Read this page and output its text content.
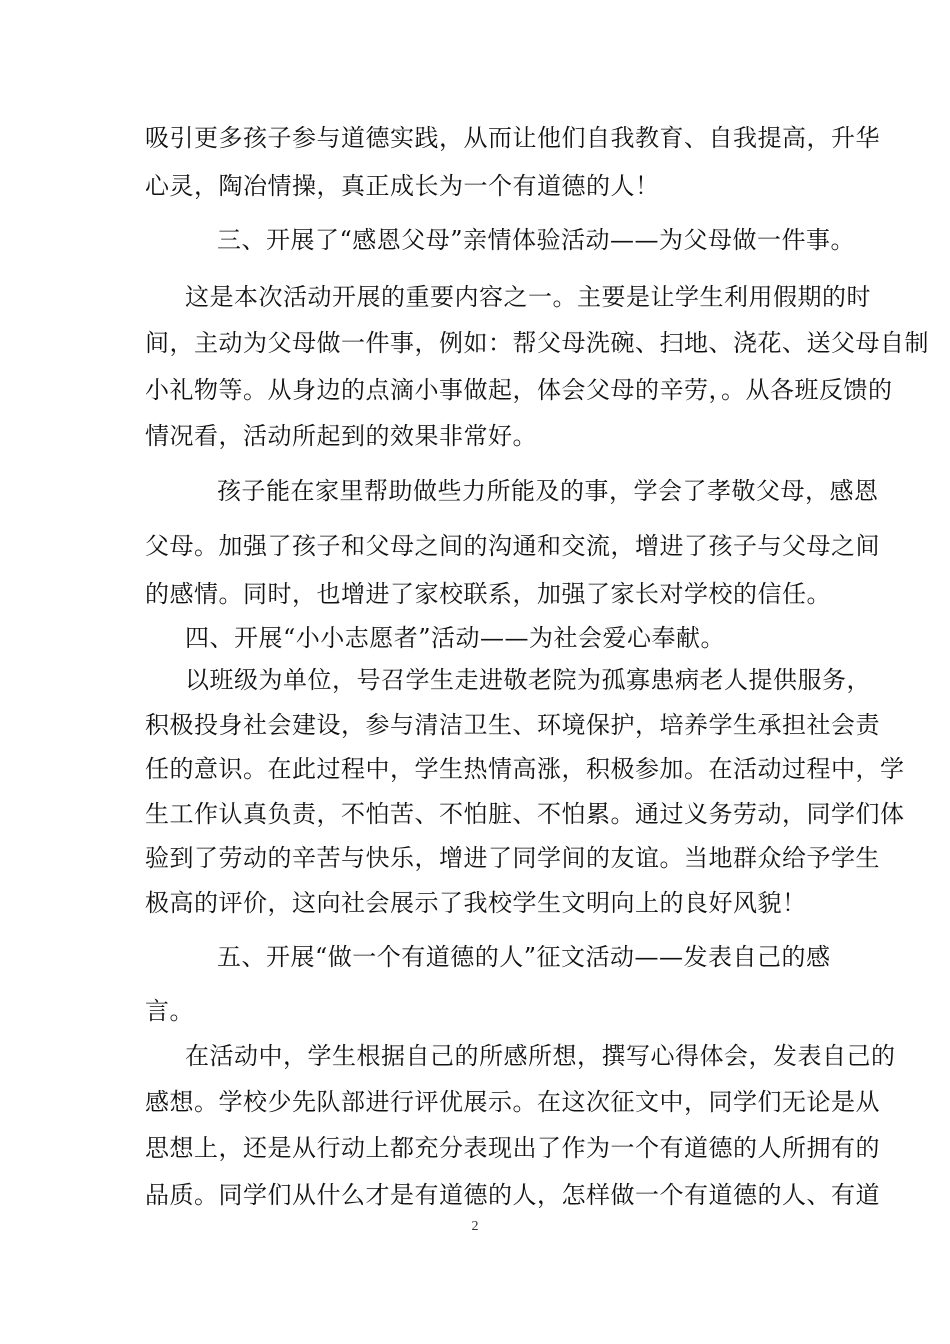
吸引更多孩子参与道德实践，从而让他们自我教育、自我提高，升华
心灵，陶冶情操，真正成长为一个有道德的人！
三、开展了“感恩父母”亲情体验活动——为父母做一件事。
这是本次活动开展的重要内容之一。主要是让学生利用假期的时
间，主动为父母做一件事，例如：帮父母洗碗、扫地、浇花、送父母自制
小礼物等。从身边的点滴小事做起，体会父母的辛劳，。从各班反馈的
情况看，活动所起到的效果非常好。
孩子能在家里帮助做些力所能及的事，学会了孝敬父母，感恩
父母。加强了孩子和父母之间的沟通和交流，增进了孩子与父母之间
的感情。同时，也增进了家校联系，加强了家长对学校的信任。
四、开展“小小志愿者”活动——为社会爱心奉献。
以班级为单位，号召学生走进敬老院为孤寡患病老人提供服务，
积极投身社会建设，参与清洁卫生、环境保护，培养学生承担社会责
任的意识。在此过程中，学生热情高涨，积极参加。在活动过程中，学
生工作认真负责，不怕苦、不怕脏、不怕累。通过义务劳动，同学们体
验到了劳动的辛苦与快乐，增进了同学间的友谊。当地群众给予学生
极高的评价，这向社会展示了我校学生文明向上的良好风貌！
五、开展“做一个有道德的人”征文活动——发表自己的感
言。
在活动中，学生根据自己的所感所想，撰写心得体会，发表自己的
感想。学校少先队部进行评优展示。在这次征文中，同学们无论是从
思想上，还是从行动上都充分表现出了作为一个有道德的人所拥有的
品质。同学们从什么才是有道德的人，怎样做一个有道德的人、有道
2
